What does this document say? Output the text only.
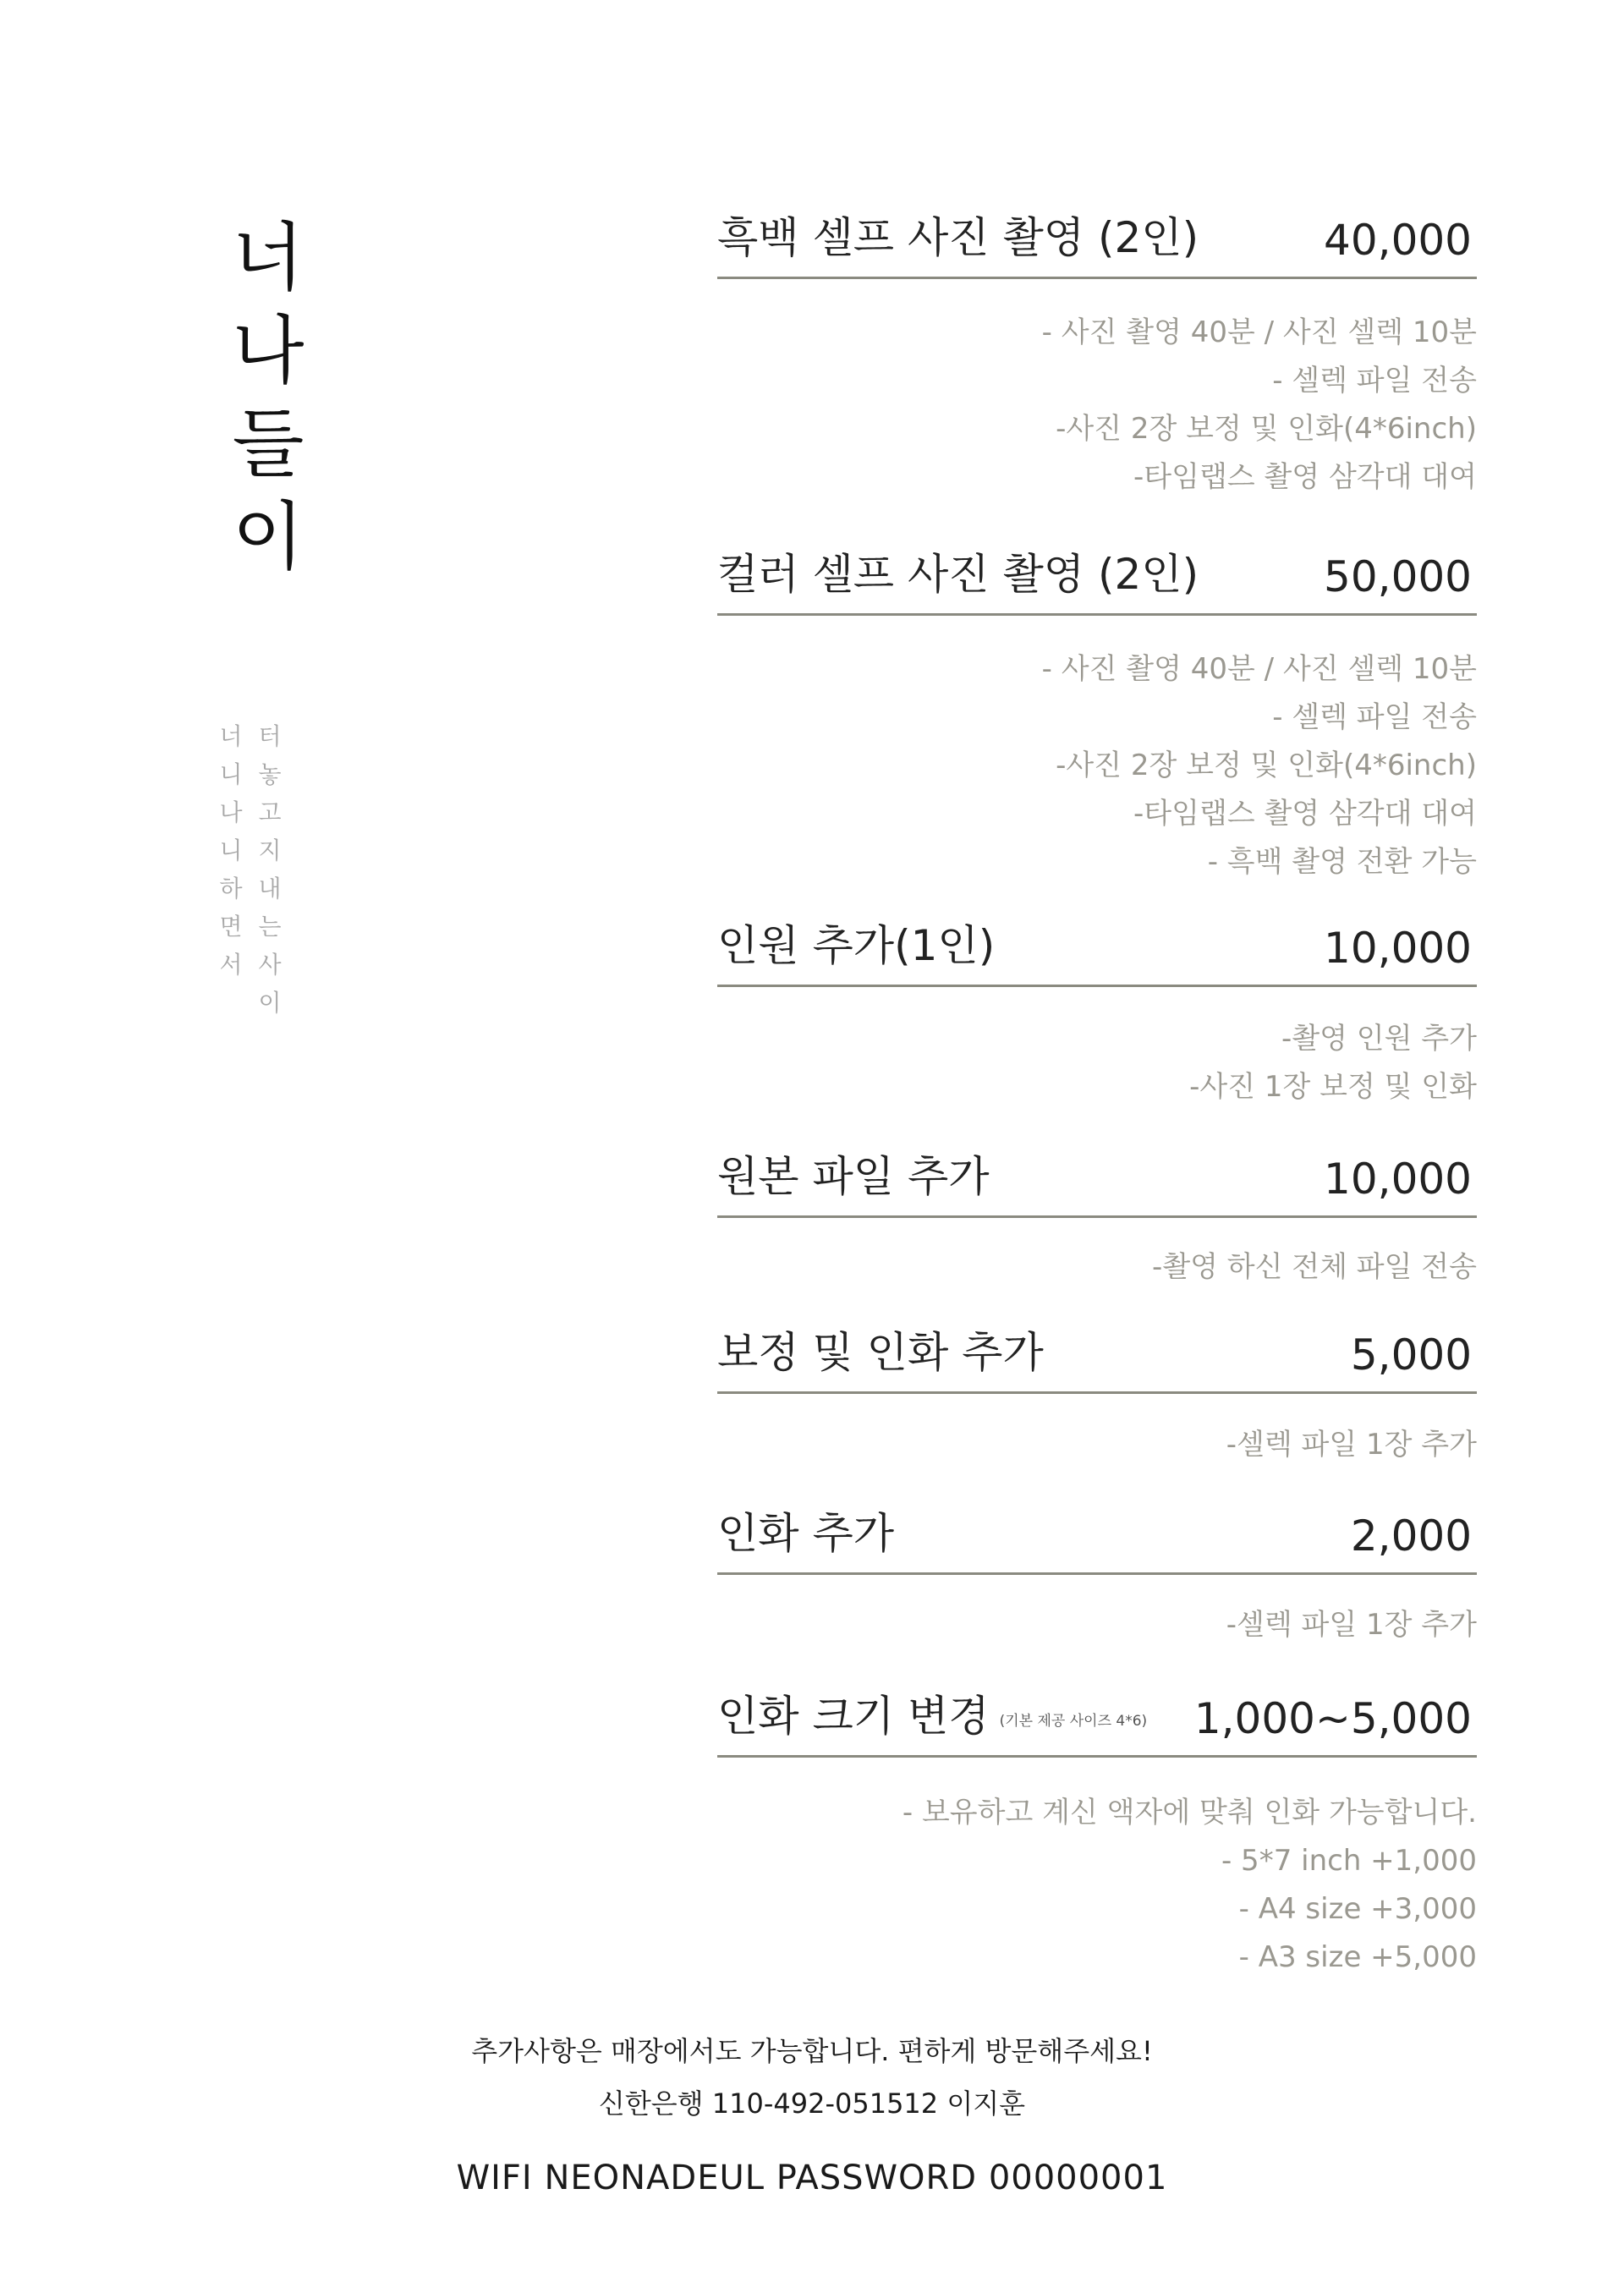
너
나
들
이
너
니
나
니
하
면
서
터
놓
고
지
내
는
사
이
흑백 셀프 사진 촬영 (2인)	40,000
- 사진 촬영 40분 / 사진 셀렉 10분
- 셀렉 파일 전송
-사진 2장 보정 및 인화(4*6inch)
-타임랩스 촬영 삼각대 대여
컬러 셀프 사진 촬영 (2인)	50,000
- 사진 촬영 40분 / 사진 셀렉 10분
- 셀렉 파일 전송
-사진 2장 보정 및 인화(4*6inch)
-타임랩스 촬영 삼각대 대여
- 흑백 촬영 전환 가능
인원 추가(1인)	10,000
-촬영 인원 추가
-사진 1장 보정 및 인화
원본 파일 추가	10,000
-촬영 하신 전체 파일 전송
보정 및 인화 추가	5,000
-셀렉 파일 1장 추가
인화 추가	2,000
-셀렉 파일 1장 추가
인화 크기 변경 (기본 제공 사이즈 4*6) 1,000~5,000
- 보유하고 계신 액자에 맞춰 인화 가능합니다.
- 5*7 inch +1,000
- A4 size +3,000
- A3 size +5,000
추가사항은 매장에서도 가능합니다. 편하게 방문해주세요!
신한은행 110-492-051512 이지훈
WIFI NEONADEUL PASSWORD 00000001
